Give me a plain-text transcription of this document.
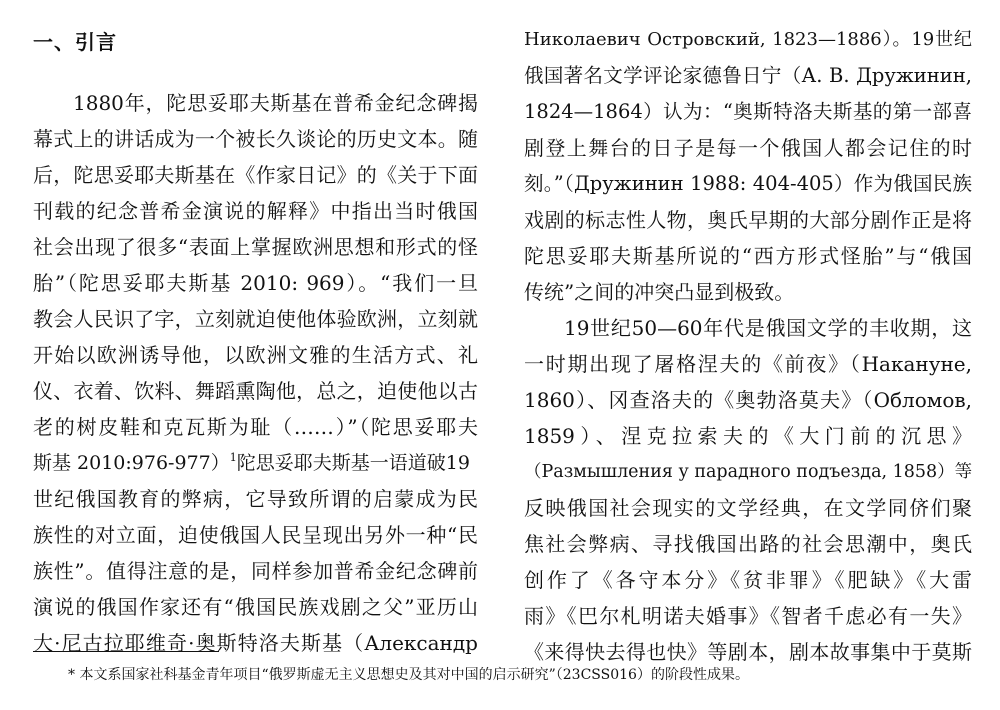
一、引言
1880年，陀思妥耶夫斯基在普希金纪念碑揭
幕式上的讲话成为一个被长久谈论的历史文本。随
后，陀思妥耶夫斯基在《作家日记》的《关于下面
刊载的纪念普希金演说的解释》中指出当时俄国
社会出现了很多“表面上掌握欧洲思想和形式的怪
胎”（陀思妥耶夫斯基 2010: 969）。“我们一旦
教会人民识了字，立刻就迫使他体验欧洲，立刻就
开始以欧洲诱导他，以欧洲文雅的生活方式、礼
仪、衣着、饮料、舞蹈熏陶他，总之，迫使他以古
老的树皮鞋和克瓦斯为耻（……）”（陀思妥耶夫
斯基 2010:976-977）$^1$陀思妥耶夫斯基一语道破19
世纪俄国教育的弊病，它导致所谓的启蒙成为民
族性的对立面，迫使俄国人民呈现出另外一种“民
族性”。值得注意的是，同样参加普希金纪念碑前
演说的俄国作家还有“俄国民族戏剧之父”亚历山
大·尼古拉耶维奇·奥斯特洛夫斯基（Александр
Николаевич Островский, 1823—1886）。19世纪
俄国著名文学评论家德鲁日宁（А. В. Дружинин,
1824—1864）认为：“奥斯特洛夫斯基的第一部喜
剧登上舞台的日子是每一个俄国人都会记住的时
刻。”（Дружинин 1988: 404-405）作为俄国民族
戏剧的标志性人物，奥氏早期的大部分剧作正是将
陀思妥耶夫斯基所说的“西方形式怪胎”与“俄国
传统”之间的冲突凸显到极致。
19世纪50—60年代是俄国文学的丰收期，这
一时期出现了屠格涅夫的《前夜》（Накануне,
1860）、冈查洛夫的《奥勃洛莫夫》（Обломов,
1859）、涅克拉索夫的《大门前的沉思》
（Размышления у парадного подъезда, 1858）等
反映俄国社会现实的文学经典，在文学同侪们聚
焦社会弊病、寻找俄国出路的社会思潮中，奥氏
创作了《各守本分》《贫非罪》《肥缺》《大雷
雨》《巴尔札明诺夫婚事》《智者千虑必有一失》
《来得快去得也快》等剧本，剧本故事集中于莫斯
* 本文系国家社科基金青年项目“俄罗斯虚无主义思想史及其对中国的启示研究”（23CSS016）的阶段性成果。
